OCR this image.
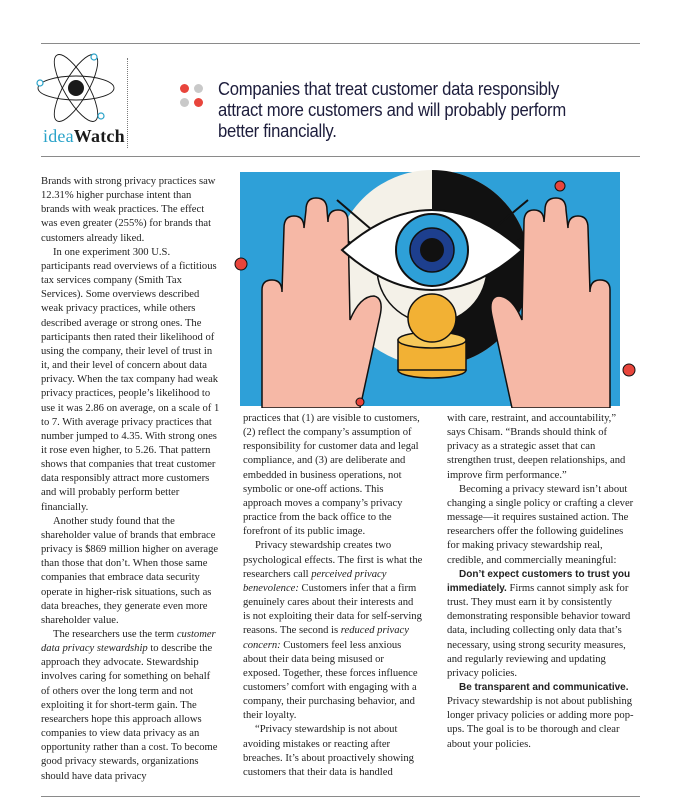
ideaWatch
Companies that treat customer data responsibly attract more customers and will probably perform better financially.

Brands with strong privacy practices saw 12.31% higher purchase intent than brands with weak practices. The effect was even greater (255%) for brands that customers already liked.

In one experiment 300 U.S. participants read overviews of a fictitious tax services company (Smith Tax Services). Some overviews described weak privacy practices, while others described average or strong ones. The participants then rated their likelihood of using the company, their level of trust in it, and their level of concern about data privacy. When the tax company had weak privacy practices, people’s likelihood to use it was 2.86 on average, on a scale of 1 to 7. With average privacy practices that number jumped to 4.35. With strong ones it rose even higher, to 5.26. That pattern shows that companies that treat customer data responsibly attract more customers and will probably perform better financially.

Another study found that the shareholder value of brands that embrace privacy is $869 million higher on average than those that don’t. When those same companies that embrace data security operate in higher-risk situations, such as data breaches, they generate even more shareholder value.

The researchers use the term customer data privacy stewardship to describe the approach they advocate. Stewardship involves caring for something on behalf of others over the long term and not exploiting it for short-term gain. The researchers hope this approach allows companies to view data privacy as an opportunity rather than a cost. To become good privacy stewards, organizations should have data privacy

practices that (1) are visible to customers, (2) reflect the company’s assumption of responsibility for customer data and legal compliance, and (3) are deliberate and embedded in business operations, not symbolic or one-off actions. This approach moves a company’s privacy practice from the back office to the forefront of its public image.

Privacy stewardship creates two psychological effects. The first is what the researchers call perceived privacy benevolence: Customers infer that a firm genuinely cares about their interests and is not exploiting their data for self-serving reasons. The second is reduced privacy concern: Customers feel less anxious about their data being misused or exposed. Together, these forces influence customers’ comfort with engaging with a company, their purchasing behavior, and their loyalty.

“Privacy stewardship is not about avoiding mistakes or reacting after breaches. It’s about proactively showing customers that their data is handled

with care, restraint, and accountability,” says Chisam. “Brands should think of privacy as a strategic asset that can strengthen trust, deepen relationships, and improve firm performance.”

Becoming a privacy steward isn’t about changing a single policy or crafting a clever message—it requires sustained action. The researchers offer the following guidelines for making privacy stewardship real, credible, and commercially meaningful:

Don’t expect customers to trust you immediately. Firms cannot simply ask for trust. They must earn it by consistently demonstrating responsible behavior toward data, including collecting only data that’s necessary, using strong security measures, and regularly reviewing and updating privacy policies.

Be transparent and communicative. Privacy stewardship is not about publishing longer privacy policies or adding more pop-ups. The goal is to be thorough and clear about your policies.
